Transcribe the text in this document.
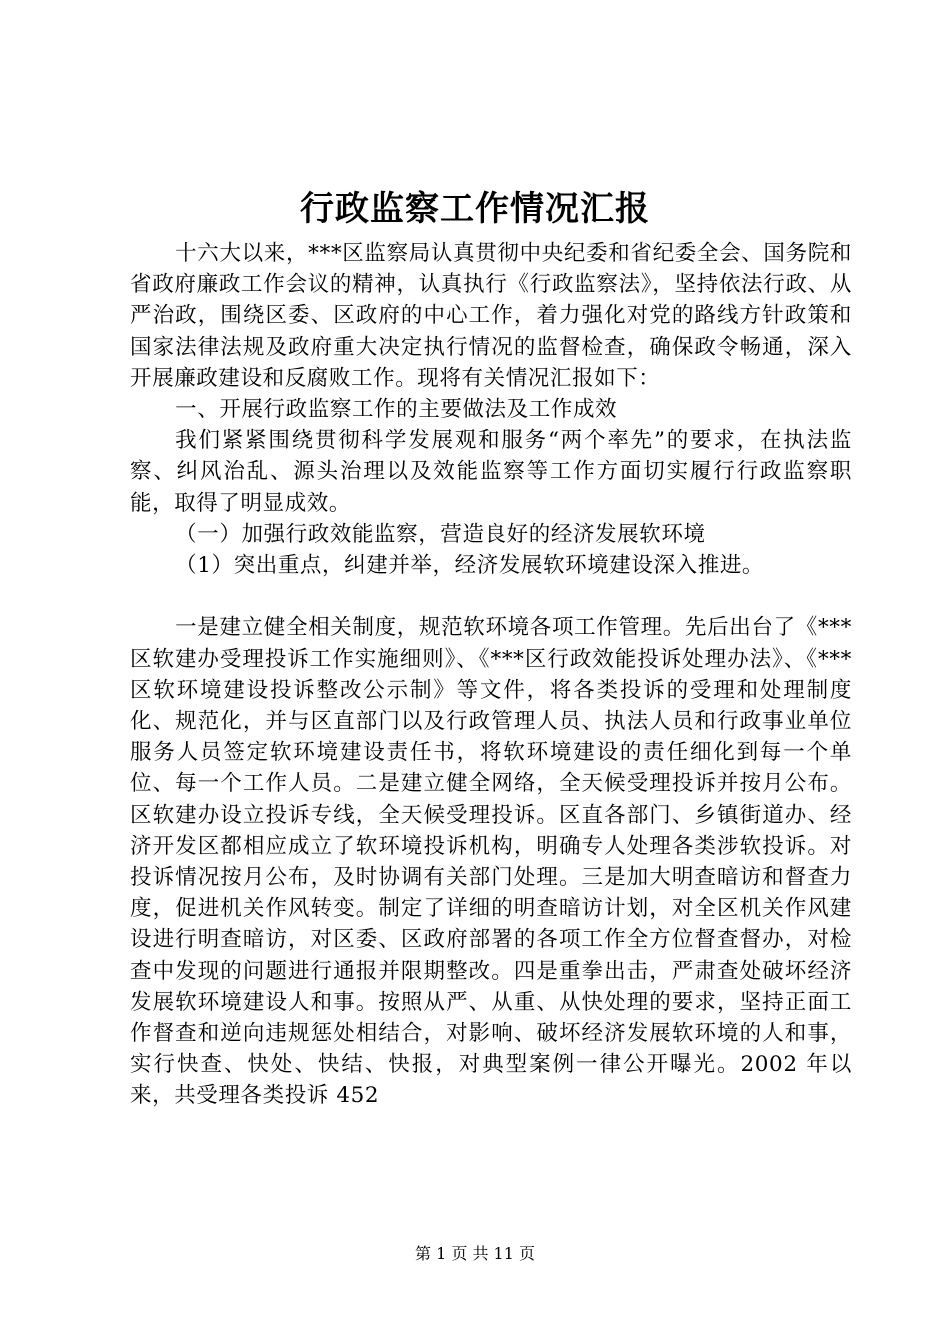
行政监察工作情况汇报

十六大以来，***区监察局认真贯彻中央纪委和省纪委全会、国务院和省政府廉政工作会议的精神，认真执行《行政监察法》，坚持依法行政、从严治政，围绕区委、区政府的中心工作，着力强化对党的路线方针政策和国家法律法规及政府重大决定执行情况的监督检查，确保政令畅通，深入开展廉政建设和反腐败工作。现将有关情况汇报如下：

一、开展行政监察工作的主要做法及工作成效

我们紧紧围绕贯彻科学发展观和服务“两个率先”的要求，在执法监察、纠风治乱、源头治理以及效能监察等工作方面切实履行行政监察职能，取得了明显成效。

（一）加强行政效能监察，营造良好的经济发展软环境

（1）突出重点，纠建并举，经济发展软环境建设深入推进。

一是建立健全相关制度，规范软环境各项工作管理。先后出台了《***区软建办受理投诉工作实施细则》、《***区行政效能投诉处理办法》、《***区软环境建设投诉整改公示制》等文件，将各类投诉的受理和处理制度化、规范化，并与区直部门以及行政管理人员、执法人员和行政事业单位服务人员签定软环境建设责任书，将软环境建设的责任细化到每一个单位、每一个工作人员。二是建立健全网络，全天候受理投诉并按月公布。区软建办设立投诉专线，全天候受理投诉。区直各部门、乡镇街道办、经济开发区都相应成立了软环境投诉机构，明确专人处理各类涉软投诉。对投诉情况按月公布，及时协调有关部门处理。三是加大明查暗访和督查力度，促进机关作风转变。制定了详细的明查暗访计划，对全区机关作风建设进行明查暗访，对区委、区政府部署的各项工作全方位督查督办，对检查中发现的问题进行通报并限期整改。四是重拳出击，严肃查处破坏经济发展软环境建设人和事。按照从严、从重、从快处理的要求，坚持正面工作督查和逆向违规惩处相结合，对影响、破坏经济发展软环境的人和事，实行快查、快处、快结、快报，对典型案例一律公开曝光。2002 年以来，共受理各类投诉 452

第 1 页 共 11 页
